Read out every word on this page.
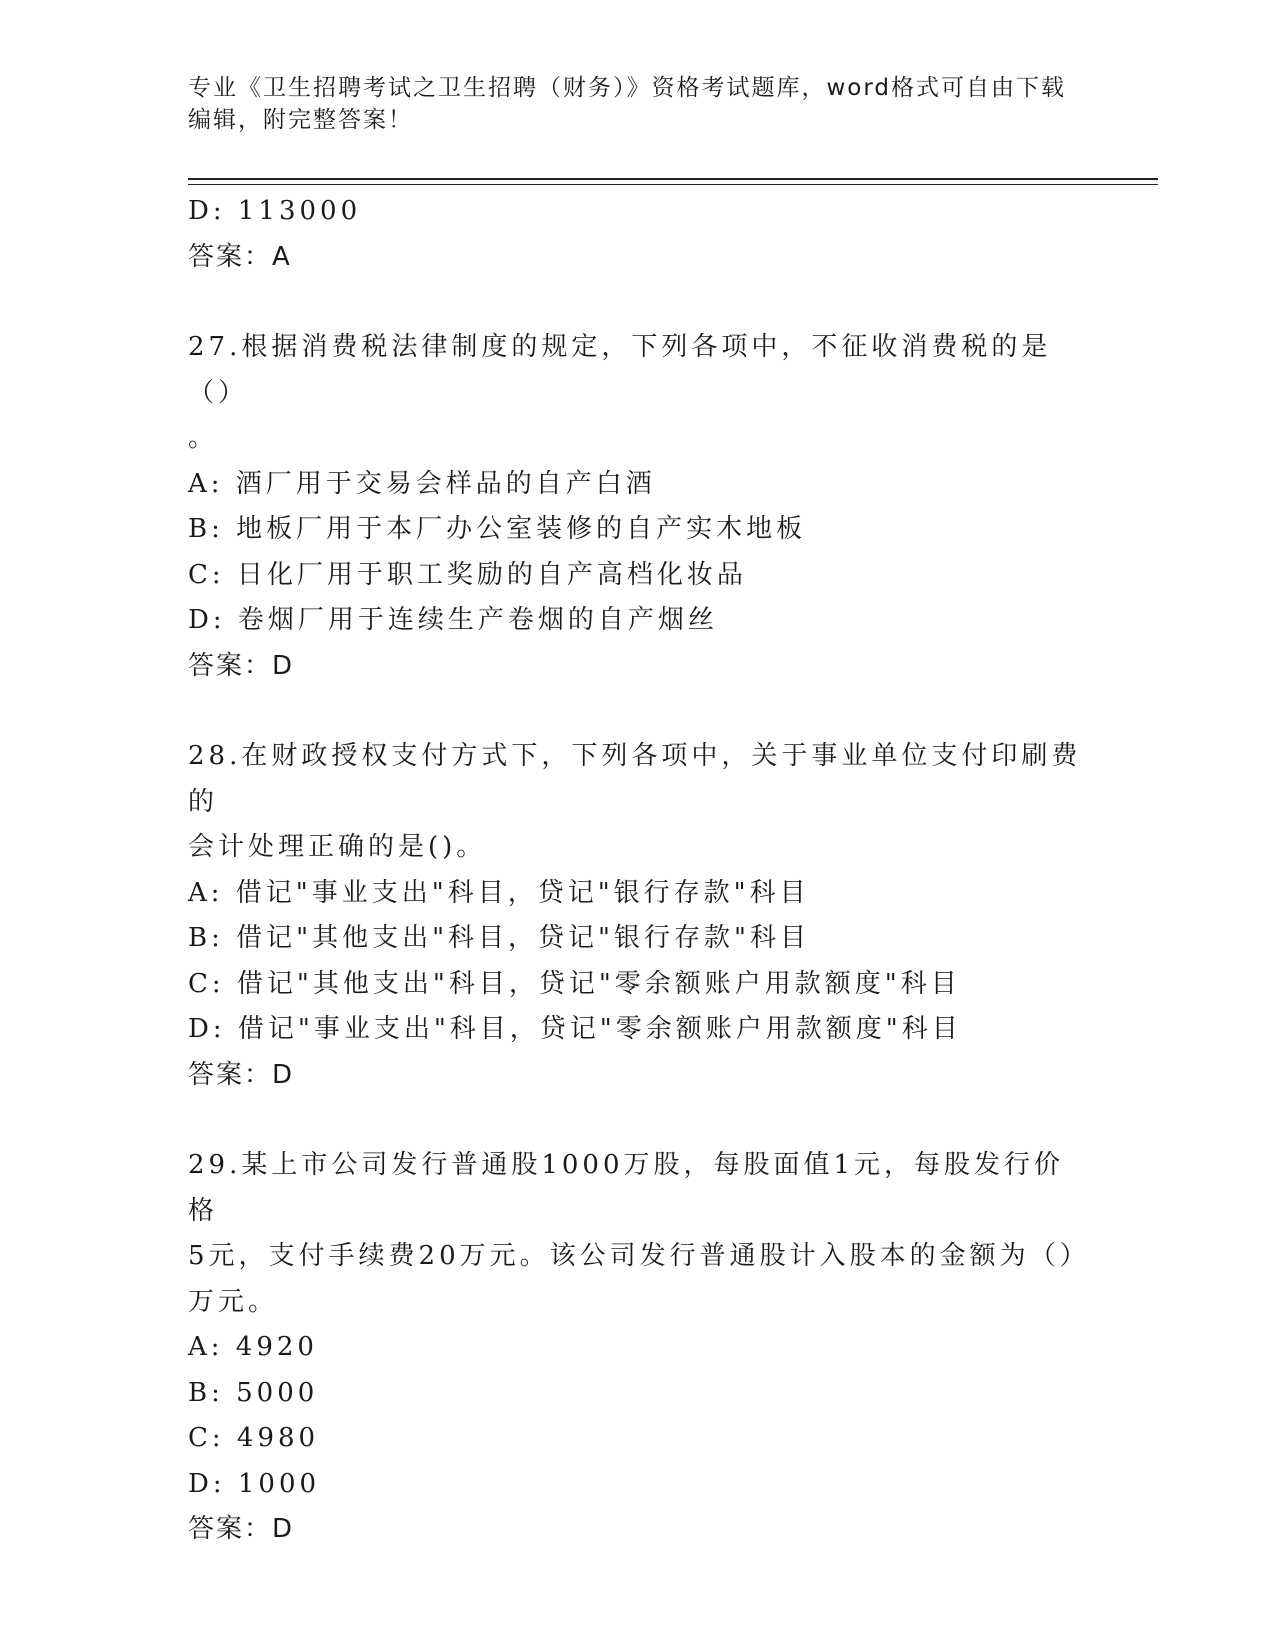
专业《卫生招聘考试之卫生招聘（财务）》资格考试题库，word格式可自由下载
编辑，附完整答案！
D: 113000
答案：A
27.根据消费税法律制度的规定，下列各项中，不征收消费税的是（）
。
A: 酒厂用于交易会样品的自产白酒
B: 地板厂用于本厂办公室装修的自产实木地板
C: 日化厂用于职工奖励的自产高档化妆品
D: 卷烟厂用于连续生产卷烟的自产烟丝
答案：D
28.在财政授权支付方式下，下列各项中，关于事业单位支付印刷费的
会计处理正确的是()。
A: 借记"事业支出"科目，贷记"银行存款"科目
B: 借记"其他支出"科目，贷记"银行存款"科目
C: 借记"其他支出"科目，贷记"零余额账户用款额度"科目
D: 借记"事业支出"科目，贷记"零余额账户用款额度"科目
答案：D
29.某上市公司发行普通股1000万股，每股面值1元，每股发行价格
5元，支付手续费20万元。该公司发行普通股计入股本的金额为（）
万元。
A: 4920
B: 5000
C: 4980
D: 1000
答案：D
